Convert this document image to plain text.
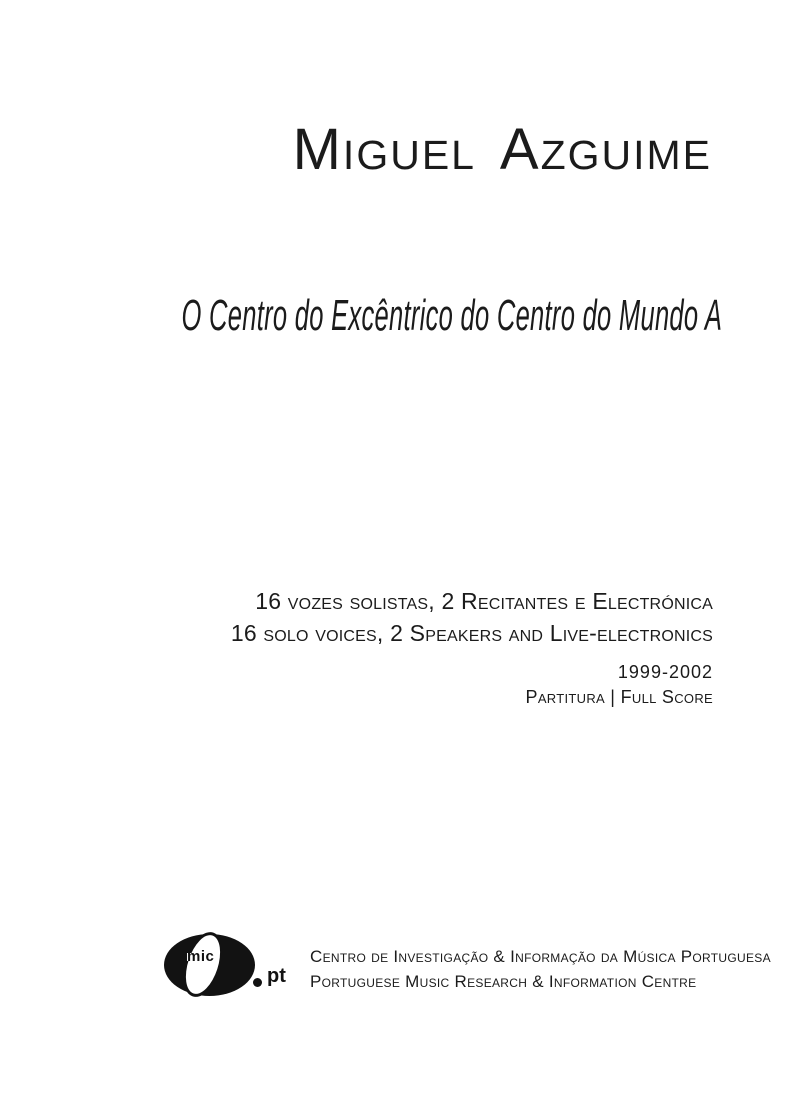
Miguel Azguime
O Centro do Excêntrico do Centro do Mundo A
16 vozes solistas, 2 Recitantes e Electrónica
16 solo voices, 2 Speakers and Live-electronics
1999-2002
Partitura | Full Score
mic
pt
Centro de Investigação & Informação da Música Portuguesa
Portuguese Music Research & Information Centre
